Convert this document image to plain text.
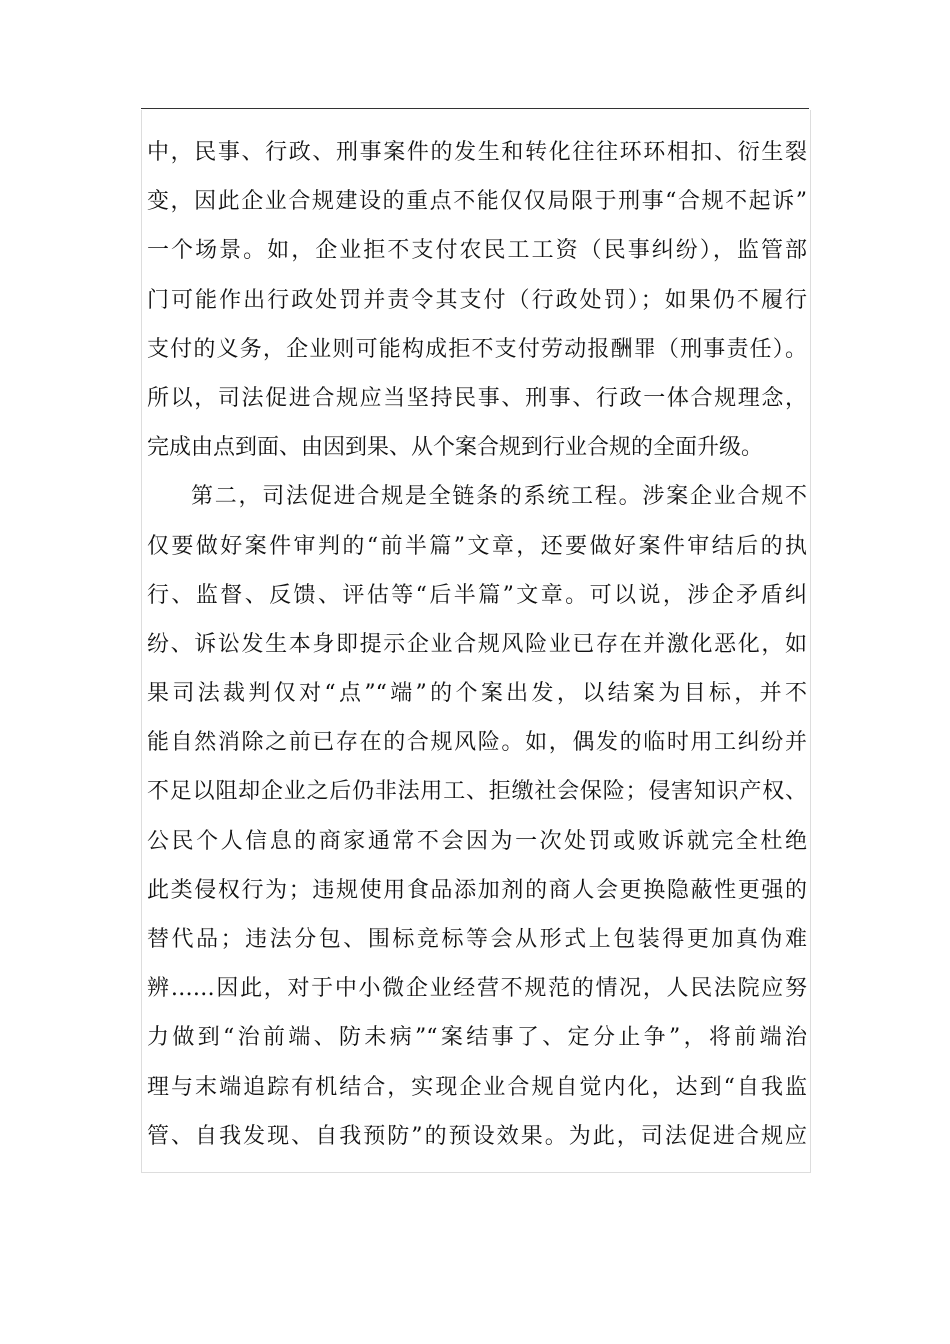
中，民事、行政、刑事案件的发生和转化往往环环相扣、衍生裂
变，因此企业合规建设的重点不能仅仅局限于刑事“合规不起诉”
一个场景。如，企业拒不支付农民工工资（民事纠纷），监管部
门可能作出行政处罚并责令其支付（行政处罚）；如果仍不履行
支付的义务，企业则可能构成拒不支付劳动报酬罪（刑事责任）。
所以，司法促进合规应当坚持民事、刑事、行政一体合规理念，
完成由点到面、由因到果、从个案合规到行业合规的全面升级。
第二，司法促进合规是全链条的系统工程。涉案企业合规不
仅要做好案件审判的“前半篇”文章，还要做好案件审结后的执
行、监督、反馈、评估等“后半篇”文章。可以说，涉企矛盾纠
纷、诉讼发生本身即提示企业合规风险业已存在并激化恶化，如
果司法裁判仅对“点”“端”的个案出发，以结案为目标，并不
能自然消除之前已存在的合规风险。如，偶发的临时用工纠纷并
不足以阻却企业之后仍非法用工、拒缴社会保险；侵害知识产权、
公民个人信息的商家通常不会因为一次处罚或败诉就完全杜绝
此类侵权行为；违规使用食品添加剂的商人会更换隐蔽性更强的
替代品；违法分包、围标竞标等会从形式上包装得更加真伪难
辨……因此，对于中小微企业经营不规范的情况，人民法院应努
力做到“治前端、防未病”“案结事了、定分止争”，将前端治
理与末端追踪有机结合，实现企业合规自觉内化，达到“自我监
管、自我发现、自我预防”的预设效果。为此，司法促进合规应
